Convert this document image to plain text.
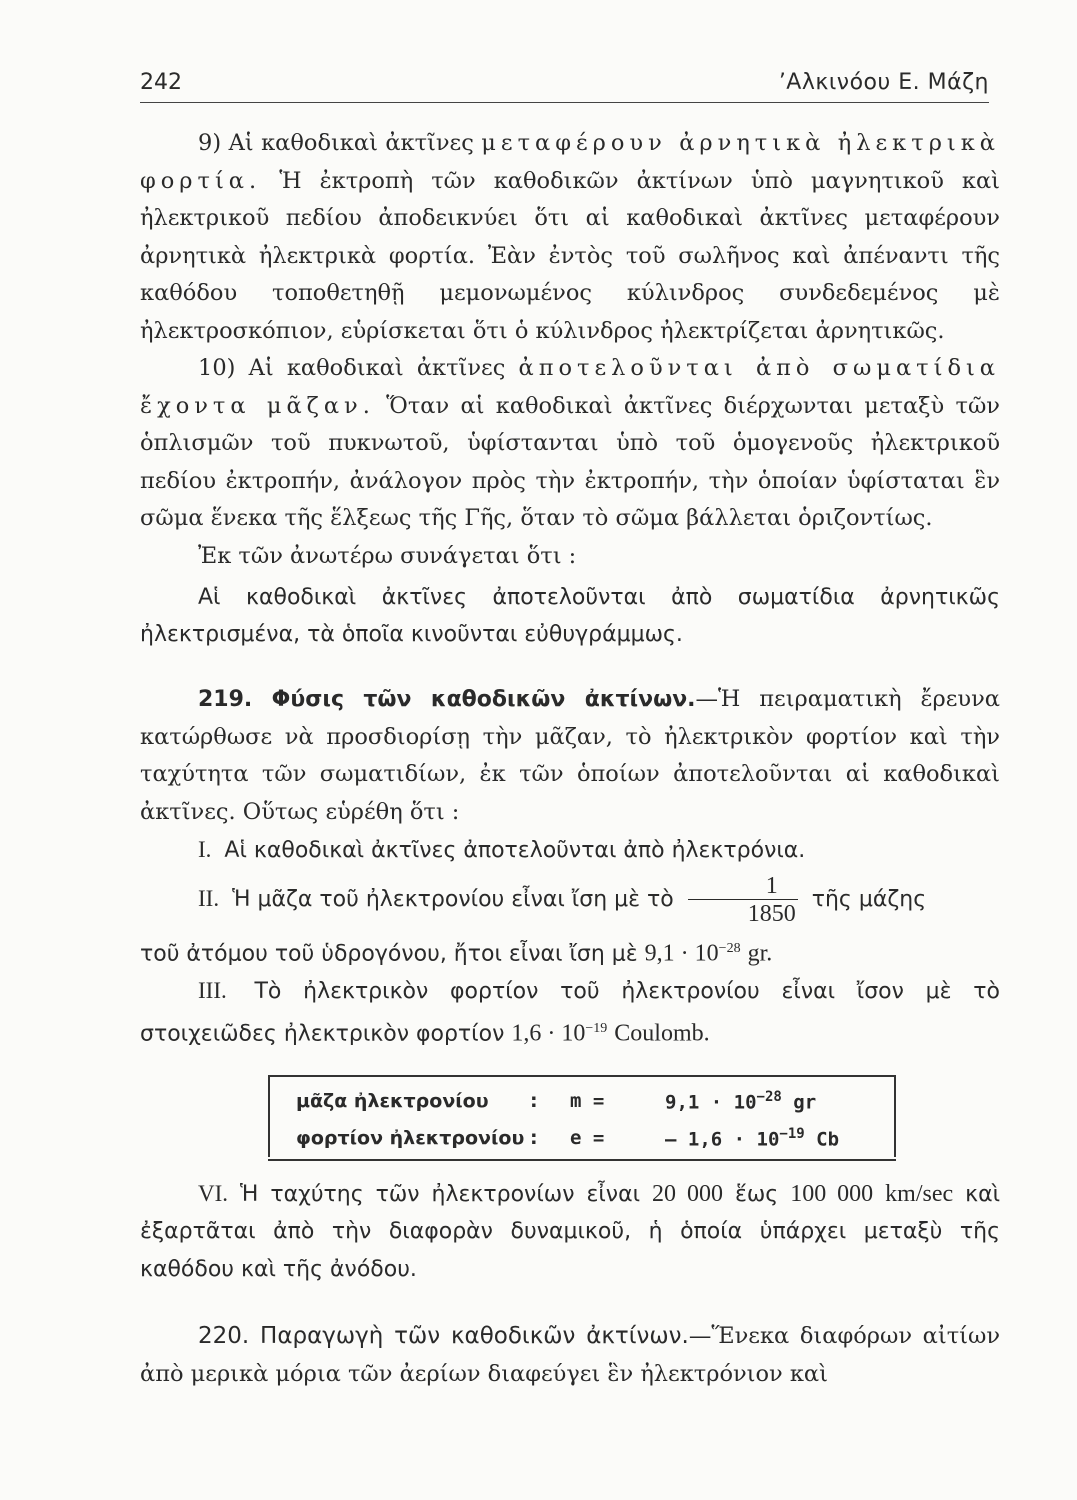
242	’Αλκινόου Ε. Μάζη

9) Αἱ καθοδικαὶ ἀκτῖνες μεταφέρουν ἀρνητικὰ ἠλεκτρικὰ φορτία. Ἡ ἐκτροπὴ τῶν καθοδικῶν ἀκτίνων ὑπὸ μαγνητικοῦ καὶ ἠλεκτρικοῦ πεδίου ἀποδεικνύει ὅτι αἱ καθοδικαὶ ἀκτῖνες μεταφέρουν ἀρνητικὰ ἠλεκτρικὰ φορτία. Ἐὰν ἐντὸς τοῦ σωλῆνος καὶ ἀπέναντι τῆς καθόδου τοποθετηθῇ μεμονωμένος κύλινδρος συνδεδεμένος μὲ ἠλεκτροσκόπιον, εὑρίσκεται ὅτι ὁ κύλινδρος ἠλεκτρίζεται ἀρνητικῶς.

10) Αἱ καθοδικαὶ ἀκτῖνες ἀποτελοῦνται ἀπὸ σωματίδια ἔχοντα μᾶζαν. Ὅταν αἱ καθοδικαὶ ἀκτῖνες διέρχωνται μεταξὺ τῶν ὁπλισμῶν τοῦ πυκνωτοῦ, ὑφίστανται ὑπὸ τοῦ ὁμογενοῦς ἠλεκτρικοῦ πεδίου ἐκτροπήν, ἀνάλογον πρὸς τὴν ἐκτροπήν, τὴν ὁποίαν ὑφίσταται ἓν σῶμα ἕνεκα τῆς ἕλξεως τῆς Γῆς, ὅταν τὸ σῶμα βάλλεται ὁριζοντίως.

Ἐκ τῶν ἀνωτέρω συνάγεται ὅτι :

Αἱ καθοδικαὶ ἀκτῖνες ἀποτελοῦνται ἀπὸ σωματίδια ἀρνητικῶς ἠλεκτρισμένα, τὰ ὁποῖα κινοῦνται εὐθυγράμμως.

219. Φύσις τῶν καθοδικῶν ἀκτίνων.—Ἡ πειραματικὴ ἔρευνα κατώρθωσε νὰ προσδιορίσῃ τὴν μᾶζαν, τὸ ἠλεκτρικὸν φορτίον καὶ τὴν ταχύτητα τῶν σωματιδίων, ἐκ τῶν ὁποίων ἀποτελοῦνται αἱ καθοδικαὶ ἀκτῖνες. Οὕτως εὑρέθη ὅτι :

I. Αἱ καθοδικαὶ ἀκτῖνες ἀποτελοῦνται ἀπὸ ἠλεκτρόνια.

II. Ἡ μᾶζα τοῦ ἠλεκτρονίου εἶναι ἴση μὲ τὸ $\frac{1}{1850}$ τῆς μάζης

τοῦ ἀτόμου τοῦ ὑδρογόνου, ἤτοι εἶναι ἴση μὲ $9,1 \cdot 10^{-28}$ gr.

III. Τὸ ἠλεκτρικὸν φορτίον τοῦ ἠλεκτρονίου εἶναι ἴσον μὲ τὸ στοιχειῶδες ἠλεκτρικὸν φορτίον $1,6 \cdot 10^{-19}$ Coulomb.

μᾶζα ἠλεκτρονίου	:	m =	$9,1 \cdot 10^{-28}$ gr
φορτίον ἠλεκτρονίου :	e =	— $1,6 \cdot 10^{-19}$ Cb

VI. Ἡ ταχύτης τῶν ἠλεκτρονίων εἶναι 20 000 ἕως 100 000 km/sec καὶ ἐξαρτᾶται ἀπὸ τὴν διαφορὰν δυναμικοῦ, ἡ ὁποία ὑπάρχει μεταξὺ τῆς καθόδου καὶ τῆς ἀνόδου.

220. Παραγωγὴ τῶν καθοδικῶν ἀκτίνων.—Ἕνεκα διαφόρων αἰτίων ἀπὸ μερικὰ μόρια τῶν ἀερίων διαφεύγει ἓν ἠλεκτρόνιον καὶ
